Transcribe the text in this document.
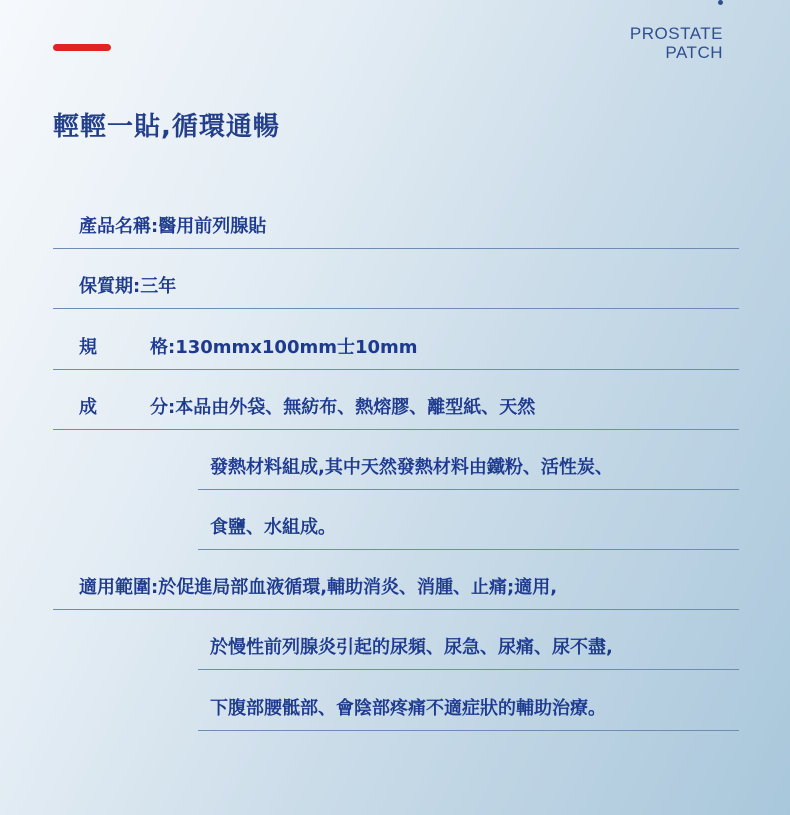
PROSTATE
PATCH
輕輕一貼,循環通暢
產品名稱:醫用前列腺貼
保質期:三年
規	格:130mmx100mm士10mm
成	分:本品由外袋、無紡布、熱熔膠、離型紙、天然
發熱材料組成,其中天然發熱材料由鐵粉、活性炭、
食鹽、水組成。
適用範圍:於促進局部血液循環,輔助消炎、消腫、止痛;適用,
於慢性前列腺炎引起的尿頻、尿急、尿痛、尿不盡,
下腹部腰骶部、會陰部疼痛不適症狀的輔助治療。
